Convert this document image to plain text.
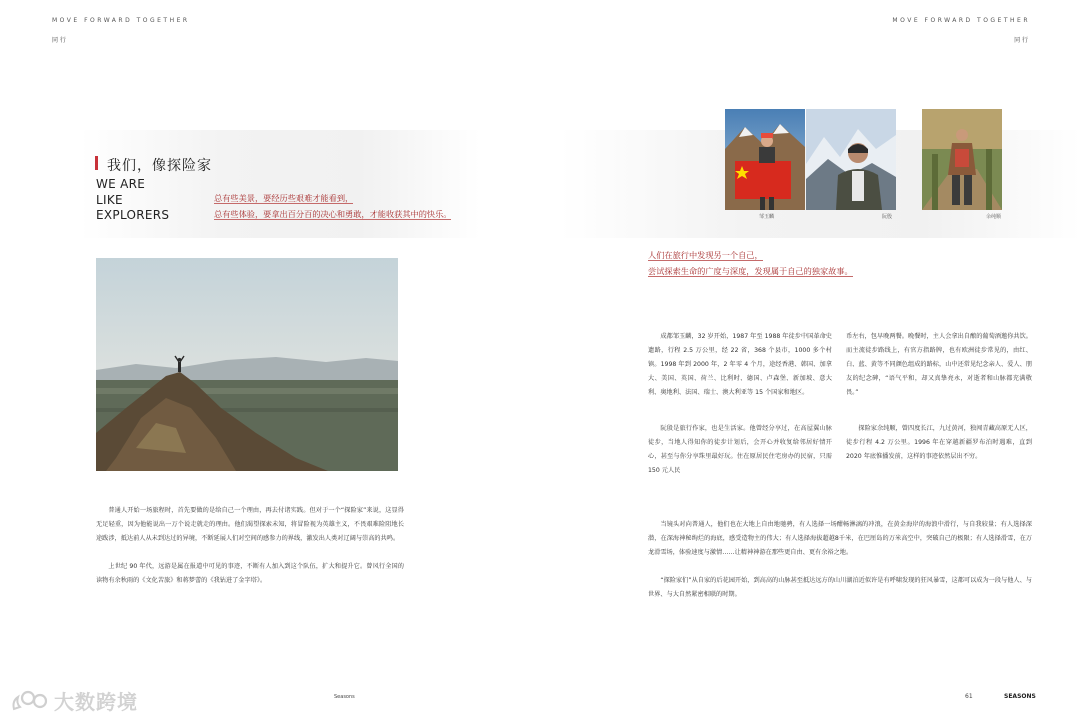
MOVE FORWARD TOGETHER
同 行
MOVE FORWARD TOGETHER
同 行
我们，像探险家
WE ARE
LIKE
EXPLORERS
总有些美景，要经历些艰难才能看到，
总有些体验，要拿出百分百的决心和勇敢，才能收获其中的快乐。
人们在旅行中发现另一个自己，
尝试探索生命的广度与深度，发现属于自己的独家故事。
邹玉麟	阮殷	余纯顺

普通人开始一场旅程时，首先要做的是给自己一个理由，再去付诸实践。但对于一个“探险家”来说，这显得无足轻重，因为他能说出一万个说走就走的理由。他们渴望探索未知，将冒险视为英雄主义，不畏艰难险阻地长途跋涉，抵达前人从未到达过的异境，不断延展人们对空间的感参力的界线，激发出人类对辽阔与崇高的共鸣。

上世纪 90 年代，远游是属在报道中可见的事迹，不断有人加入到这个队伍，扩大和提升它。曾风行全国的读物有余秋雨的《文化苦旅》和蒋梦蕾的《我钻进了金字塔》。

成都邹玉麟，32 岁开始，1987 年至 1988 年徒步中国革命史遗路，行程 2.5 万公里，经 22 省，368 个县市，1000 多个村镇。1998 年到 2000 年，2 年零 4 个月，途经香港、韩国、加拿大、美国、英国、荷兰、比利时、德国、卢森堡、新加坡、意大利、奥地利、法国、瑞士、澳大利亚等 15 个国家和地区。

阮殷是旅行作家，也是生活家。他曾经分享过，在高屋翼山脉徒步，当地人得知你的徒步计划后，会开心并收复给邻居好情开心，甚至与你分享珠里最好玩。住在原居民住宅房办的民宿，只需 150 元人民

币左右，包早晚两餐。晚餐时，主人会拿出自酿的葡萄酒邀你共饮。而主流徒步路线上，有官方指路牌，也有欧洲徒步常见的，由红、白、蓝、黄等不同颜色组成的路标，山中还常见纪念亲人、爱人、朋友的纪念碑，“语气平和，却又真挚亮永，对逝者和山脉都充满敬畏。”

探险家余纯顺，曾四度长江，九过黄河，独闯青藏高原无人区，徒步行程 4.2 万公里。1996 年在穿越新疆罗布泊时遇难，直到 2020 年底惟播发前，这样的事迹依然层出不穷。

当镜头对向普通人，他们也在大地上自由地驰骋，有人选择一场酣畅淋漓的冲浪，在黄金海岸的海浪中滑行，与自我较量；有人选择深潜，在深海神秘绚烂的海底，感受造物主的伟大；有人选择海拔超越8千米，在巴厘岛的万米高空中，突破自己的极限；有人选择滑雪，在万龙滑雪场，体验速度与激情……让精神神游在那些更自由、更有余裕之地。

“探险家们”从自家的后花园开始，到高高的山脉甚至抵达远方的山川湖泊近似许是有呼啸发现的狂风暴雪，这都可以成为一段与他人、与世界、与大自然紧密相联的时期。

大数跨境	Seasons	61	SEASONS
